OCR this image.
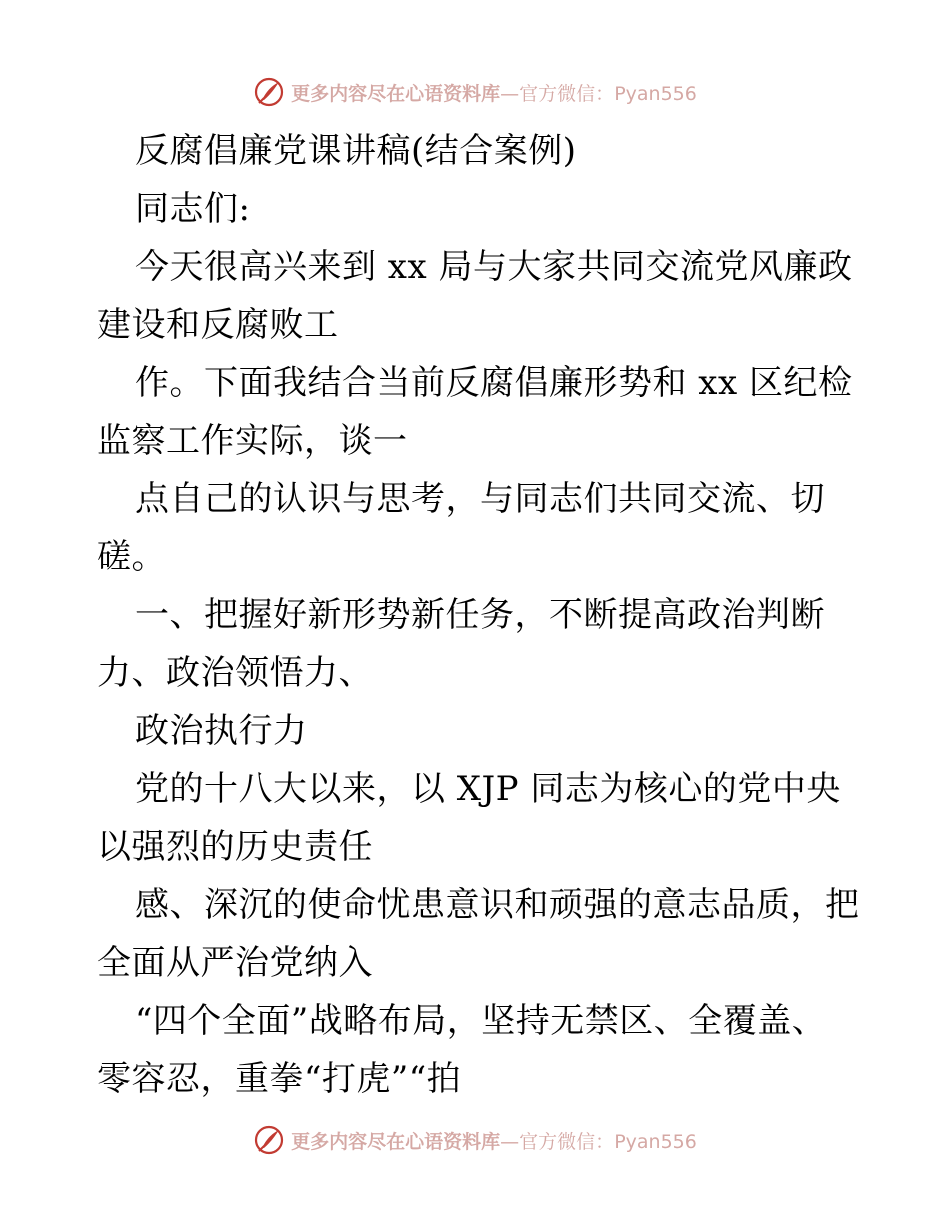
更多内容尽在心语资料库—官方微信：Pyan556
反腐倡廉党课讲稿(结合案例)
同志们:
今天很高兴来到 xx 局与大家共同交流党风廉政
建设和反腐败工
作。下面我结合当前反腐倡廉形势和 xx 区纪检
监察工作实际，谈一
点自己的认识与思考，与同志们共同交流、切
磋。
一、把握好新形势新任务，不断提高政治判断
力、政治领悟力、
政治执行力
党的十八大以来，以 XJP 同志为核心的党中央
以强烈的历史责任
感、深沉的使命忧患意识和顽强的意志品质，把
全面从严治党纳入
“四个全面”战略布局，坚持无禁区、全覆盖、
零容忍，重拳“打虎”“拍
更多内容尽在心语资料库—官方微信：Pyan556
